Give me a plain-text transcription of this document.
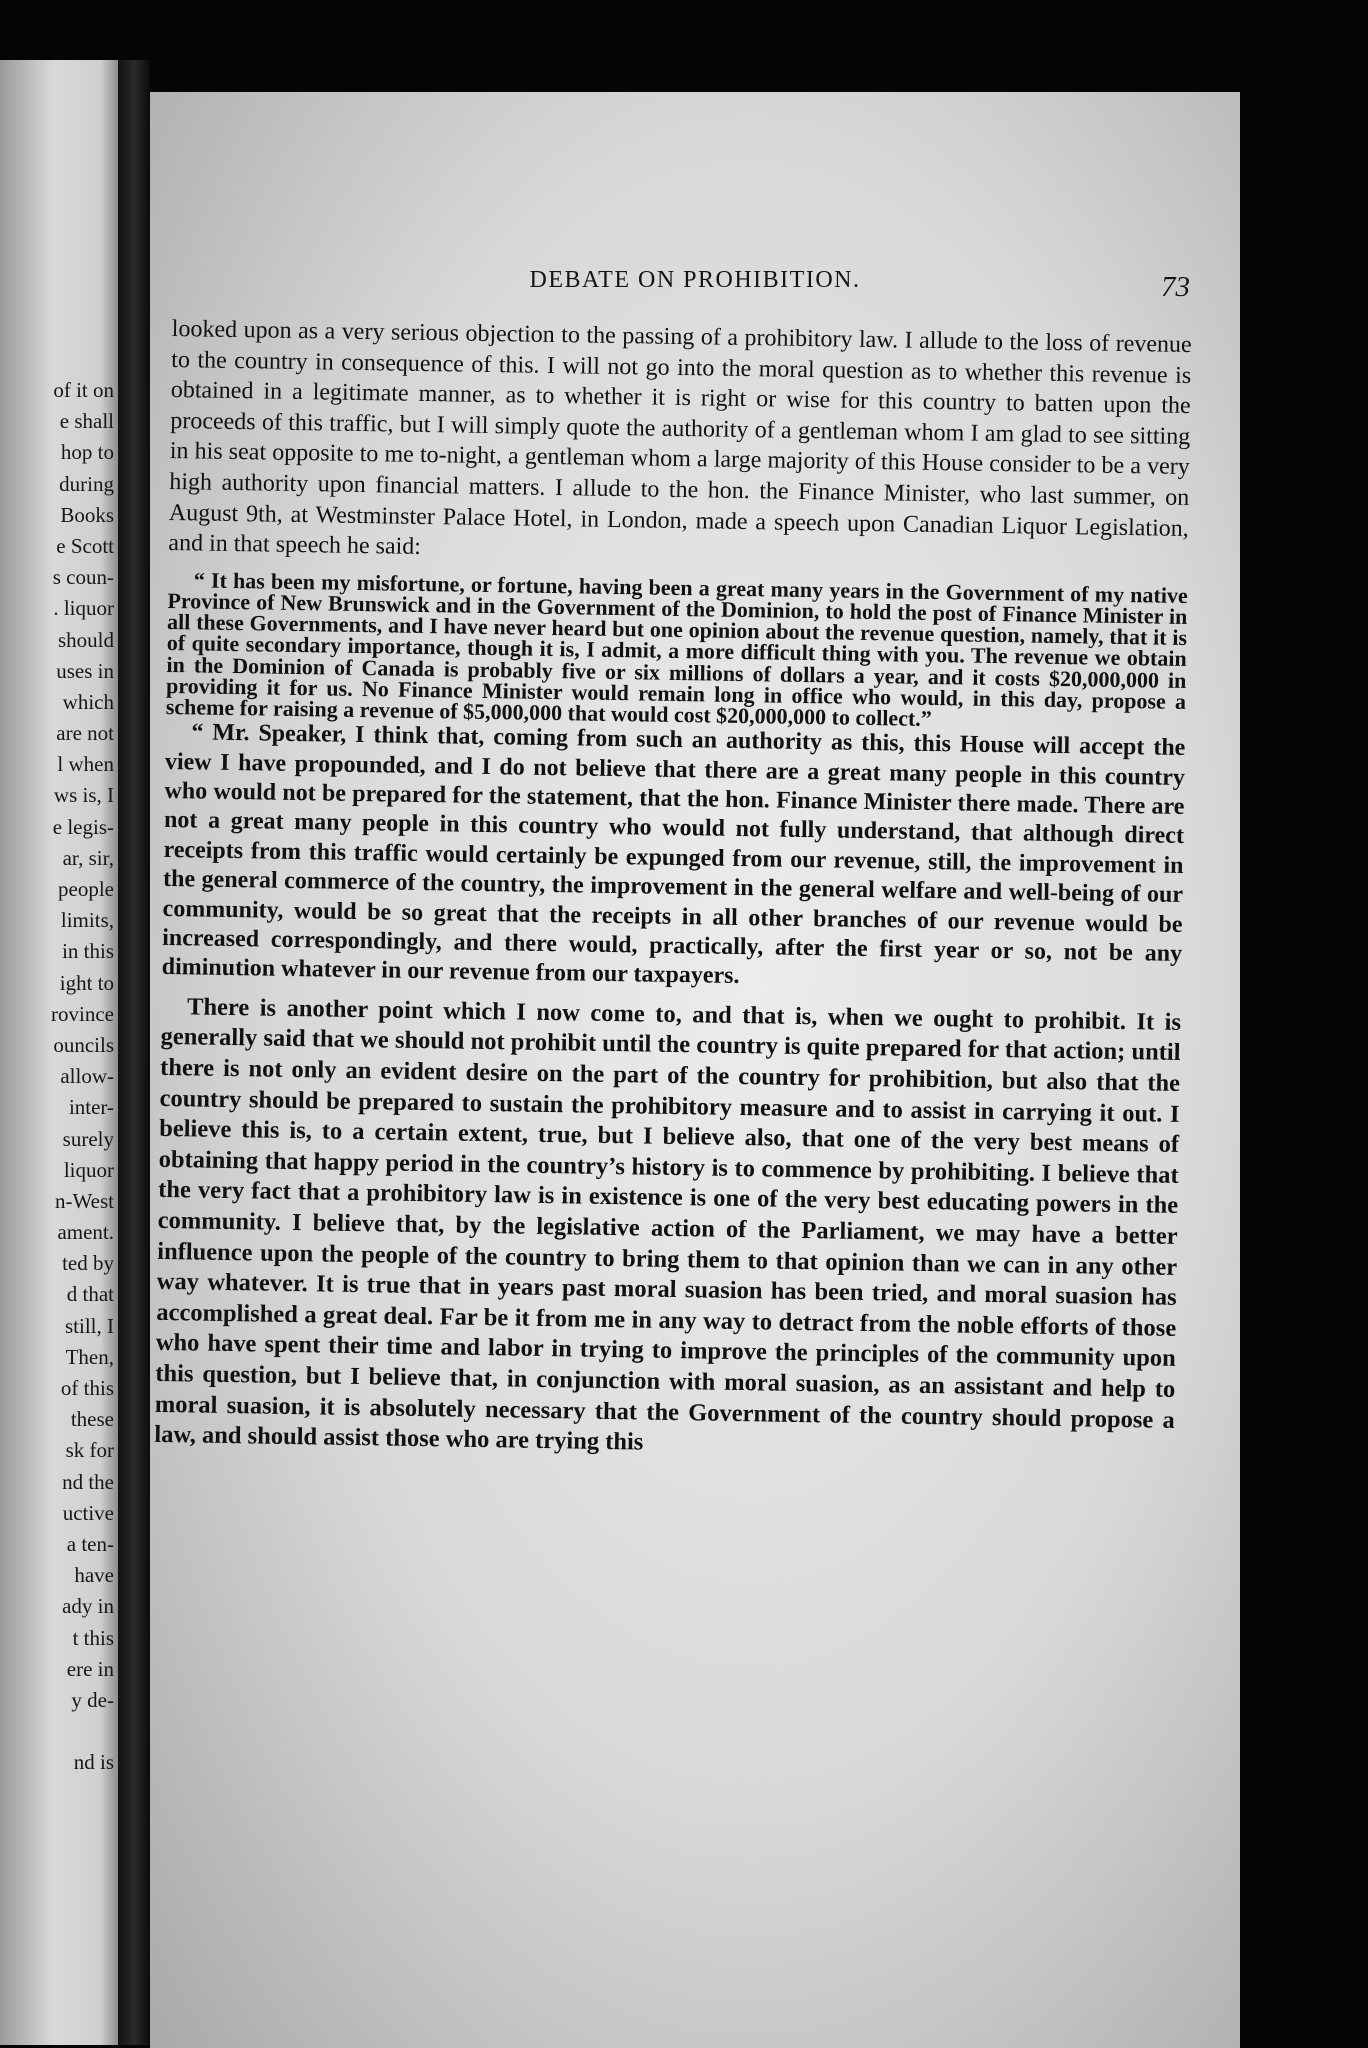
of it on
e shall
hop to
during
Books
e Scott
s coun-
. liquor
should
uses in
which
are not
l when
ws is, I
e legis-
ar, sir,
people
limits,
in this
ight to
rovince
ouncils
allow-
inter-
surely
liquor
n-West
ament.
ted by
d that
still, I
Then,
of this
these
sk for
nd the
uctive
a ten-
have
ady in
t this
ere in
y de-
nd is
DEBATE ON PROHIBITION.	73

looked upon as a very serious objection to the passing of a prohibitory law. I allude to the loss of revenue to the country in consequence of this. I will not go into the moral question as to whether this revenue is obtained in a legitimate manner, as to whether it is right or wise for this country to batten upon the proceeds of this traffic, but I will simply quote the authority of a gentleman whom I am glad to see sitting in his seat opposite to me to-night, a gentleman whom a large majority of this House consider to be a very high authority upon financial matters. I allude to the hon. the Finance Minister, who last summer, on August 9th, at Westminster Palace Hotel, in London, made a speech upon Canadian Liquor Legislation, and in that speech he said:

“ It has been my misfortune, or fortune, having been a great many years in the Government of my native Province of New Brunswick and in the Government of the Dominion, to hold the post of Finance Minister in all these Governments, and I have never heard but one opinion about the revenue question, namely, that it is of quite secondary importance, though it is, I admit, a more difficult thing with you. The revenue we obtain in the Dominion of Canada is probably five or six millions of dollars a year, and it costs $20,000,000 in providing it for us. No Finance Minister would remain long in office who would, in this day, propose a scheme for raising a revenue of $5,000,000 that would cost $20,000,000 to collect.”

“ Mr. Speaker, I think that, coming from such an authority as this, this House will accept the view I have propounded, and I do not believe that there are a great many people in this country who would not be prepared for the statement, that the hon. Finance Minister there made. There are not a great many people in this country who would not fully understand, that although direct receipts from this traffic would certainly be expunged from our revenue, still, the improvement in the general commerce of the country, the improvement in the general welfare and well-being of our community, would be so great that the receipts in all other branches of our revenue would be increased correspondingly, and there would, practically, after the first year or so, not be any diminution whatever in our revenue from our taxpayers.

There is another point which I now come to, and that is, when we ought to prohibit. It is generally said that we should not prohibit until the country is quite prepared for that action; until there is not only an evident desire on the part of the country for prohibition, but also that the country should be prepared to sustain the prohibitory measure and to assist in carrying it out. I believe this is, to a certain extent, true, but I believe also, that one of the very best means of obtaining that happy period in the country’s history is to commence by prohibiting. I believe that the very fact that a prohibitory law is in existence is one of the very best educating powers in the community. I believe that, by the legislative action of the Parliament, we may have a better influence upon the people of the country to bring them to that opinion than we can in any other way whatever. It is true that in years past moral suasion has been tried, and moral suasion has accomplished a great deal. Far be it from me in any way to detract from the noble efforts of those who have spent their time and labor in trying to improve the principles of the community upon this question, but I believe that, in conjunction with moral suasion, as an assistant and help to moral suasion, it is absolutely necessary that the Government of the country should propose a law, and should assist those who are trying this
